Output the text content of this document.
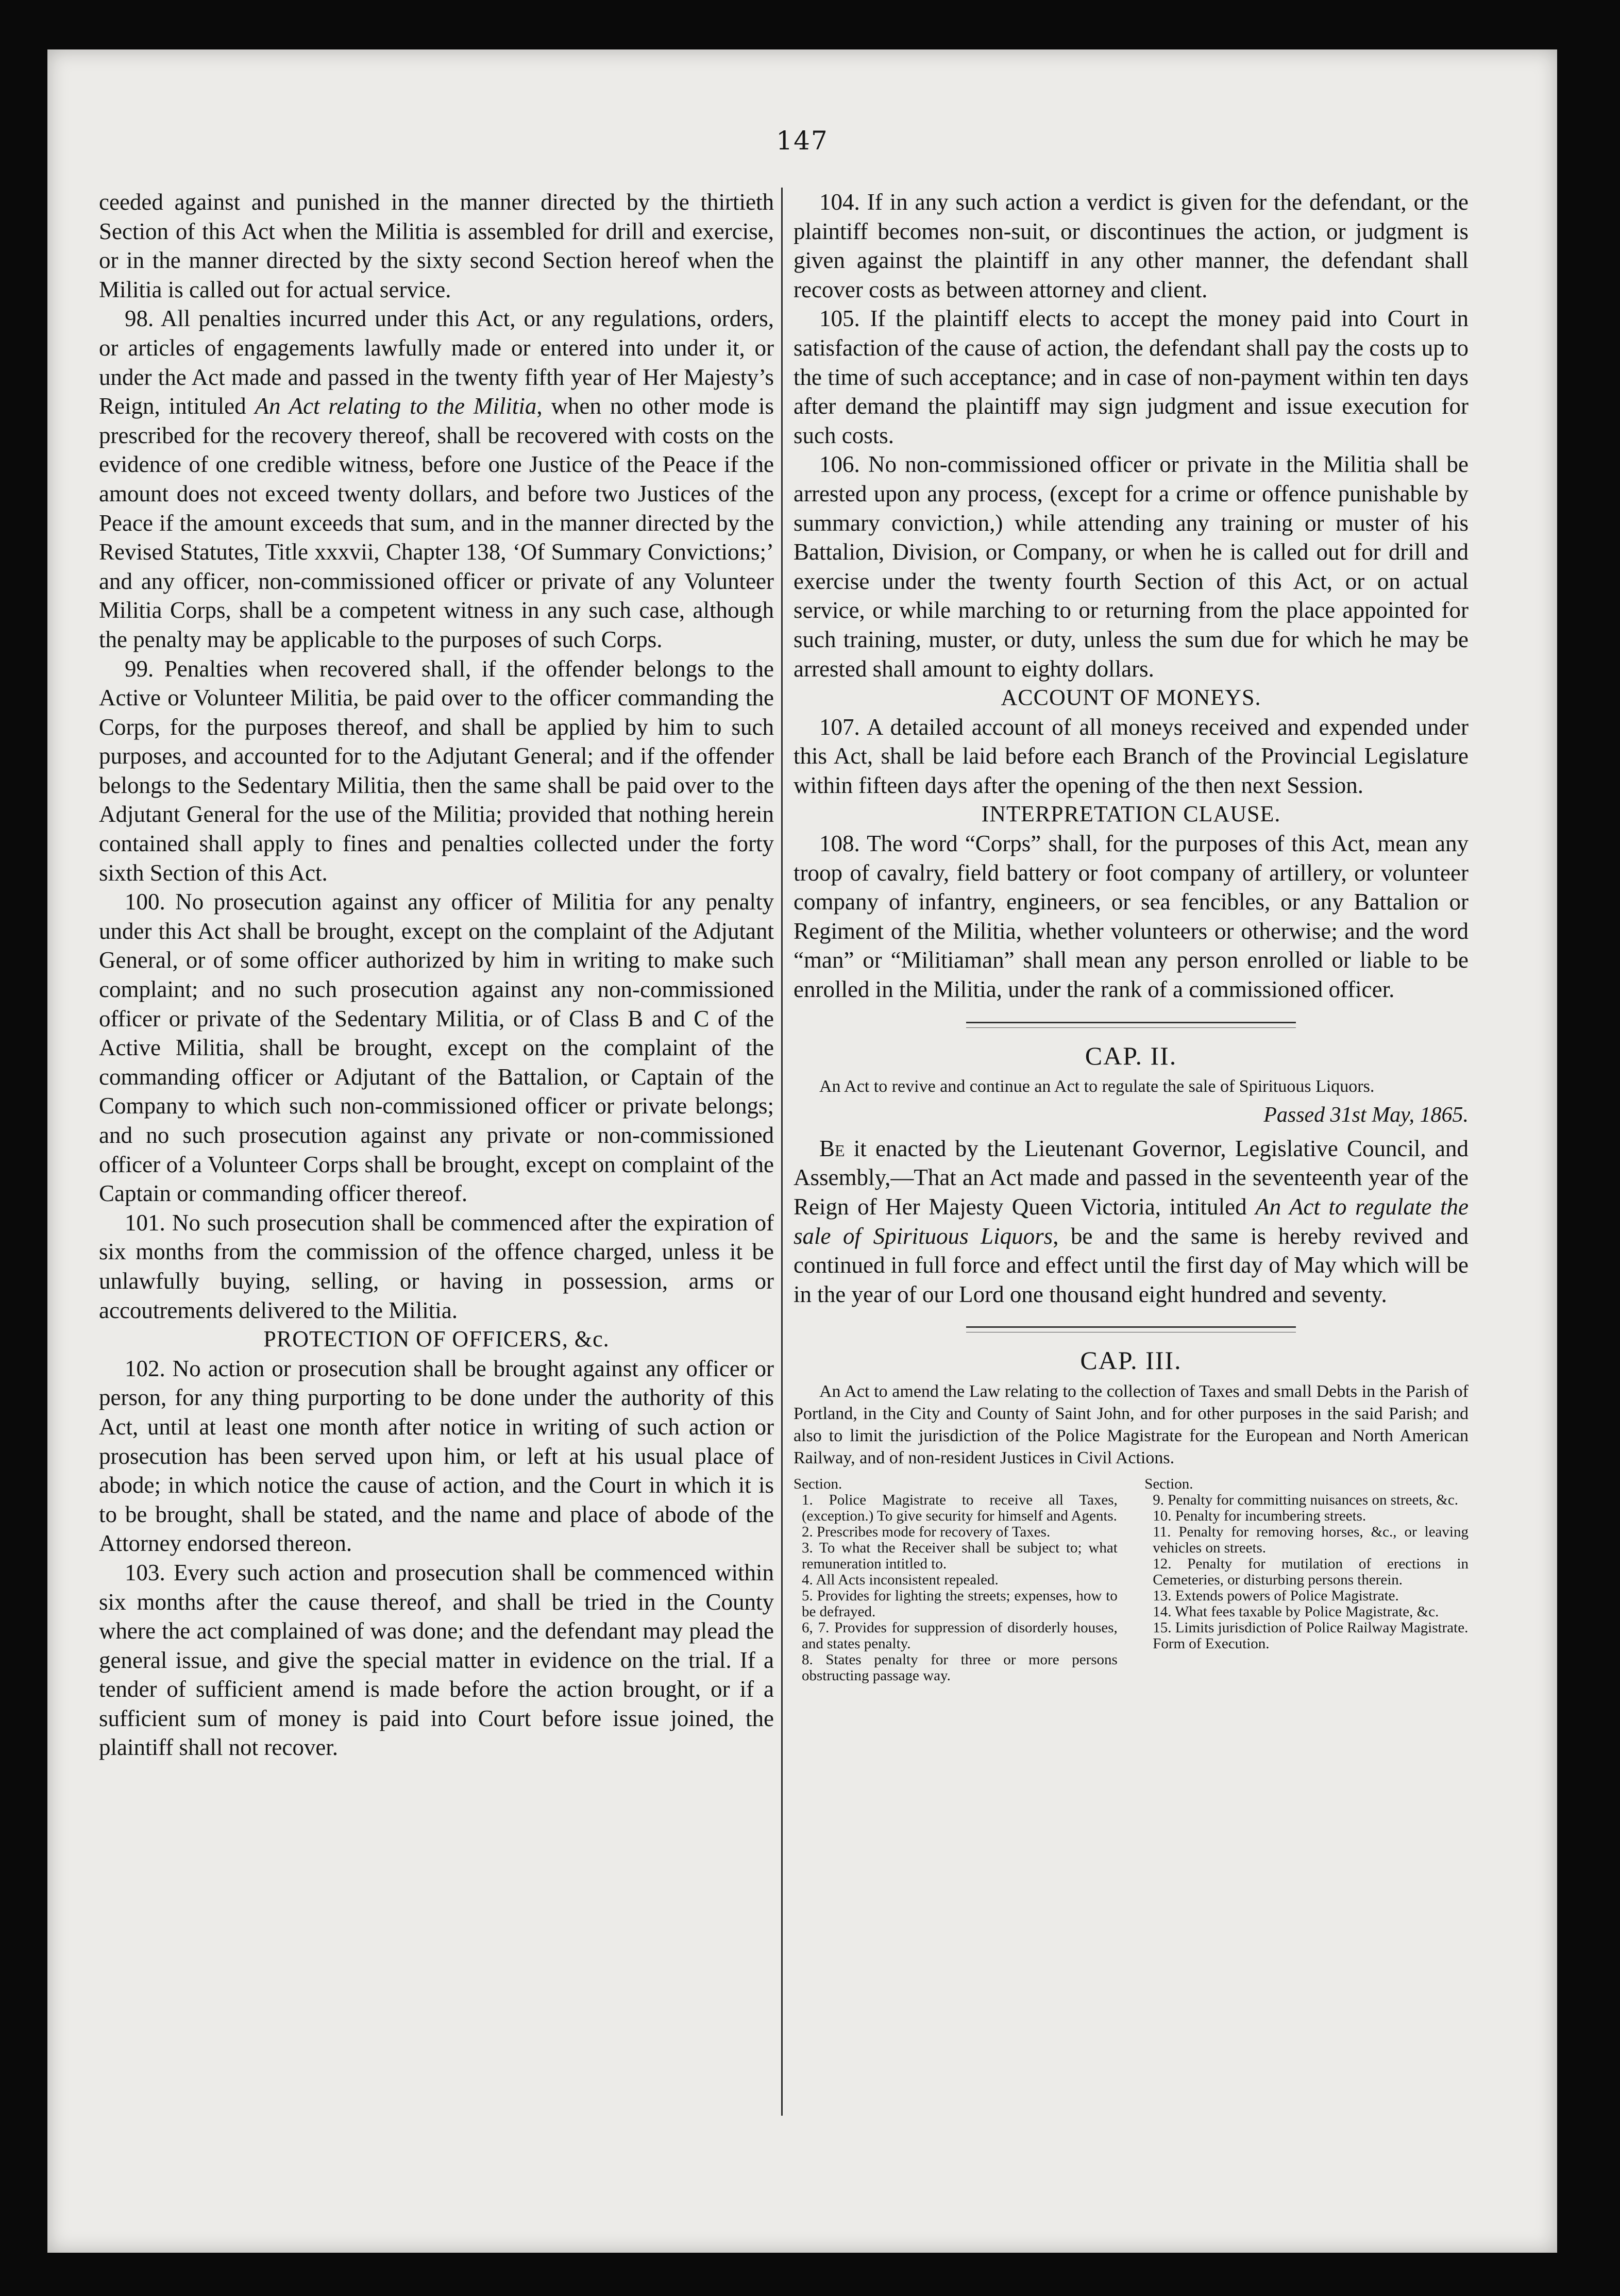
147

ceeded against and punished in the manner directed by the thirtieth Section of this Act when the Militia is assembled for drill and exercise, or in the manner directed by the sixty second Section hereof when the Militia is called out for actual service.

98. All penalties incurred under this Act, or any regulations, orders, or articles of engagements lawfully made or entered into under it, or under the Act made and passed in the twenty fifth year of Her Majesty’s Reign, intituled An Act relating to the Militia, when no other mode is prescribed for the recovery thereof, shall be recovered with costs on the evidence of one credible witness, before one Justice of the Peace if the amount does not exceed twenty dollars, and before two Justices of the Peace if the amount exceeds that sum, and in the manner directed by the Revised Statutes, Title xxxvii, Chapter 138, ‘Of Summary Convictions;’ and any officer, non-commissioned officer or private of any Volunteer Militia Corps, shall be a competent witness in any such case, although the penalty may be applicable to the purposes of such Corps.

99. Penalties when recovered shall, if the offender belongs to the Active or Volunteer Militia, be paid over to the officer commanding the Corps, for the purposes thereof, and shall be applied by him to such purposes, and accounted for to the Adjutant General; and if the offender belongs to the Sedentary Militia, then the same shall be paid over to the Adjutant General for the use of the Militia; provided that nothing herein contained shall apply to fines and penalties collected under the forty sixth Section of this Act.

100. No prosecution against any officer of Militia for any penalty under this Act shall be brought, except on the complaint of the Adjutant General, or of some officer authorized by him in writing to make such complaint; and no such prosecution against any non-commissioned officer or private of the Sedentary Militia, or of Class B and C of the Active Militia, shall be brought, except on the complaint of the commanding officer or Adjutant of the Battalion, or Captain of the Company to which such non-commissioned officer or private belongs; and no such prosecution against any private or non-commissioned officer of a Volunteer Corps shall be brought, except on complaint of the Captain or commanding officer thereof.

101. No such prosecution shall be commenced after the expiration of six months from the commission of the offence charged, unless it be unlawfully buying, selling, or having in possession, arms or accoutrements delivered to the Militia.

PROTECTION OF OFFICERS, &c.

102. No action or prosecution shall be brought against any officer or person, for any thing purporting to be done under the authority of this Act, until at least one month after notice in writing of such action or prosecution has been served upon him, or left at his usual place of abode; in which notice the cause of action, and the Court in which it is to be brought, shall be stated, and the name and place of abode of the Attorney endorsed thereon.

103. Every such action and prosecution shall be commenced within six months after the cause thereof, and shall be tried in the County where the act complained of was done; and the defendant may plead the general issue, and give the special matter in evidence on the trial. If a tender of sufficient amend is made before the action brought, or if a sufficient sum of money is paid into Court before issue joined, the plaintiff shall not recover.

104. If in any such action a verdict is given for the defendant, or the plaintiff becomes non-suit, or discontinues the action, or judgment is given against the plaintiff in any other manner, the defendant shall recover costs as between attorney and client.

105. If the plaintiff elects to accept the money paid into Court in satisfaction of the cause of action, the defendant shall pay the costs up to the time of such acceptance; and in case of non-payment within ten days after demand the plaintiff may sign judgment and issue execution for such costs.

106. No non-commissioned officer or private in the Militia shall be arrested upon any process, (except for a crime or offence punishable by summary conviction,) while attending any training or muster of his Battalion, Division, or Company, or when he is called out for drill and exercise under the twenty fourth Section of this Act, or on actual service, or while marching to or returning from the place appointed for such training, muster, or duty, unless the sum due for which he may be arrested shall amount to eighty dollars.

ACCOUNT OF MONEYS.

107. A detailed account of all moneys received and expended under this Act, shall be laid before each Branch of the Provincial Legislature within fifteen days after the opening of the then next Session.

INTERPRETATION CLAUSE.

108. The word “Corps” shall, for the purposes of this Act, mean any troop of cavalry, field battery or foot company of artillery, or volunteer company of infantry, engineers, or sea fencibles, or any Battalion or Regiment of the Militia, whether volunteers or otherwise; and the word “man” or “Militiaman” shall mean any person enrolled or liable to be enrolled in the Militia, under the rank of a commissioned officer.

CAP. II.

An Act to revive and continue an Act to regulate the sale of Spirituous Liquors.

Passed 31st May, 1865.

Be it enacted by the Lieutenant Governor, Legislative Council, and Assembly,—That an Act made and passed in the seventeenth year of the Reign of Her Majesty Queen Victoria, intituled An Act to regulate the sale of Spirituous Liquors, be and the same is hereby revived and continued in full force and effect until the first day of May which will be in the year of our Lord one thousand eight hundred and seventy.

CAP. III.

An Act to amend the Law relating to the collection of Taxes and small Debts in the Parish of Portland, in the City and County of Saint John, and for other purposes in the said Parish; and also to limit the jurisdiction of the Police Magistrate for the European and North American Railway, and of non-resident Justices in Civil Actions.

Section.
1. Police Magistrate to receive all Taxes, (exception.) To give security for himself and Agents.
2. Prescribes mode for recovery of Taxes.
3. To what the Receiver shall be subject to; what remuneration intitled to.
4. All Acts inconsistent repealed.
5. Provides for lighting the streets; expenses, how to be defrayed.
6, 7. Provides for suppression of disorderly houses, and states penalty.
8. States penalty for three or more persons obstructing passage way.
Section.
9. Penalty for committing nuisances on streets, &c.
10. Penalty for incumbering streets.
11. Penalty for removing horses, &c., or leaving vehicles on streets.
12. Penalty for mutilation of erections in Cemeteries, or disturbing persons therein.
13. Extends powers of Police Magistrate.
14. What fees taxable by Police Magistrate, &c.
15. Limits jurisdiction of Police Railway Magistrate.
Form of Execution.
